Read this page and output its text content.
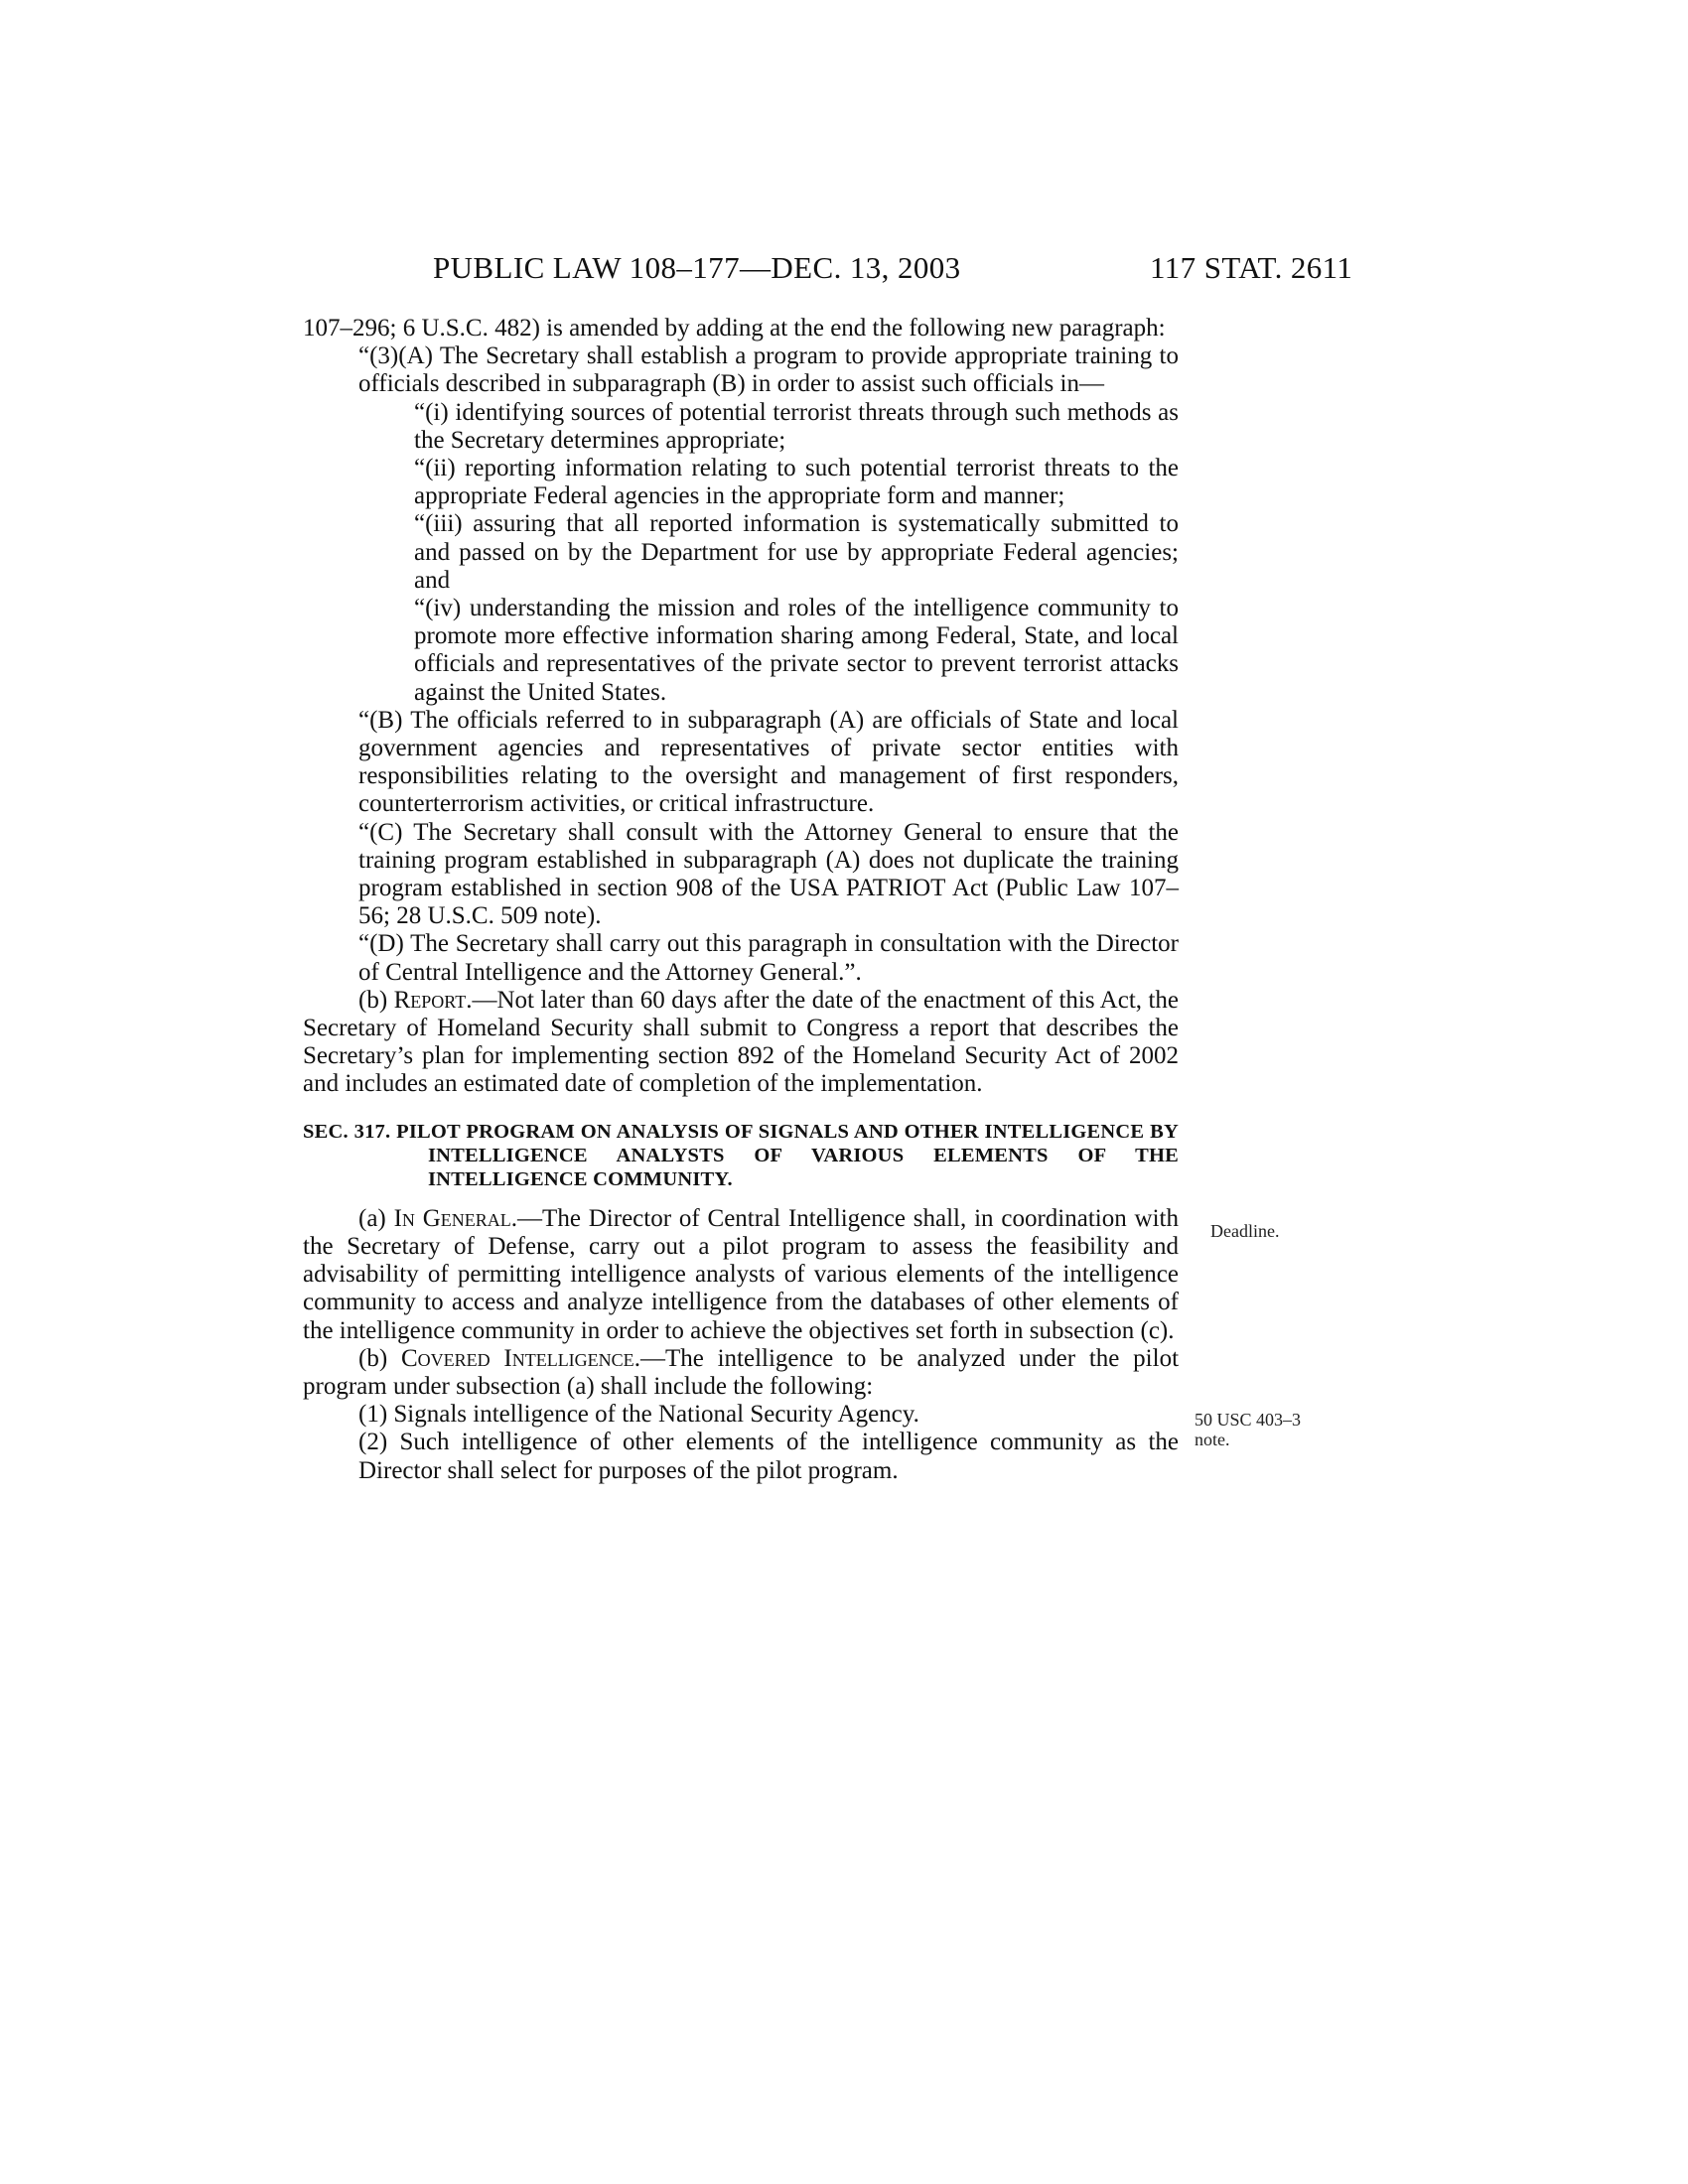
PUBLIC LAW 108–177—DEC. 13, 2003	117 STAT. 2611

107–296; 6 U.S.C. 482) is amended by adding at the end the following new paragraph:

“(3)(A) The Secretary shall establish a program to provide appropriate training to officials described in subparagraph (B) in order to assist such officials in—

“(i) identifying sources of potential terrorist threats through such methods as the Secretary determines appropriate;

“(ii) reporting information relating to such potential terrorist threats to the appropriate Federal agencies in the appropriate form and manner;

“(iii) assuring that all reported information is systematically submitted to and passed on by the Department for use by appropriate Federal agencies; and

“(iv) understanding the mission and roles of the intelligence community to promote more effective information sharing among Federal, State, and local officials and representatives of the private sector to prevent terrorist attacks against the United States.

“(B) The officials referred to in subparagraph (A) are officials of State and local government agencies and representatives of private sector entities with responsibilities relating to the oversight and management of first responders, counterterrorism activities, or critical infrastructure.

“(C) The Secretary shall consult with the Attorney General to ensure that the training program established in subparagraph (A) does not duplicate the training program established in section 908 of the USA PATRIOT Act (Public Law 107–56; 28 U.S.C. 509 note).

“(D) The Secretary shall carry out this paragraph in consultation with the Director of Central Intelligence and the Attorney General.”.

(b) Report.—Not later than 60 days after the date of the enactment of this Act, the Secretary of Homeland Security shall submit to Congress a report that describes the Secretary’s plan for implementing section 892 of the Homeland Security Act of 2002 and includes an estimated date of completion of the implementation.

SEC. 317. PILOT PROGRAM ON ANALYSIS OF SIGNALS AND OTHER INTELLIGENCE BY INTELLIGENCE ANALYSTS OF VARIOUS ELEMENTS OF THE INTELLIGENCE COMMUNITY.

(a) In General.—The Director of Central Intelligence shall, in coordination with the Secretary of Defense, carry out a pilot program to assess the feasibility and advisability of permitting intelligence analysts of various elements of the intelligence community to access and analyze intelligence from the databases of other elements of the intelligence community in order to achieve the objectives set forth in subsection (c).

(b) Covered Intelligence.—The intelligence to be analyzed under the pilot program under subsection (a) shall include the following:

(1) Signals intelligence of the National Security Agency.

(2) Such intelligence of other elements of the intelligence community as the Director shall select for purposes of the pilot program.

Deadline.
50 USC 403–3
note.
